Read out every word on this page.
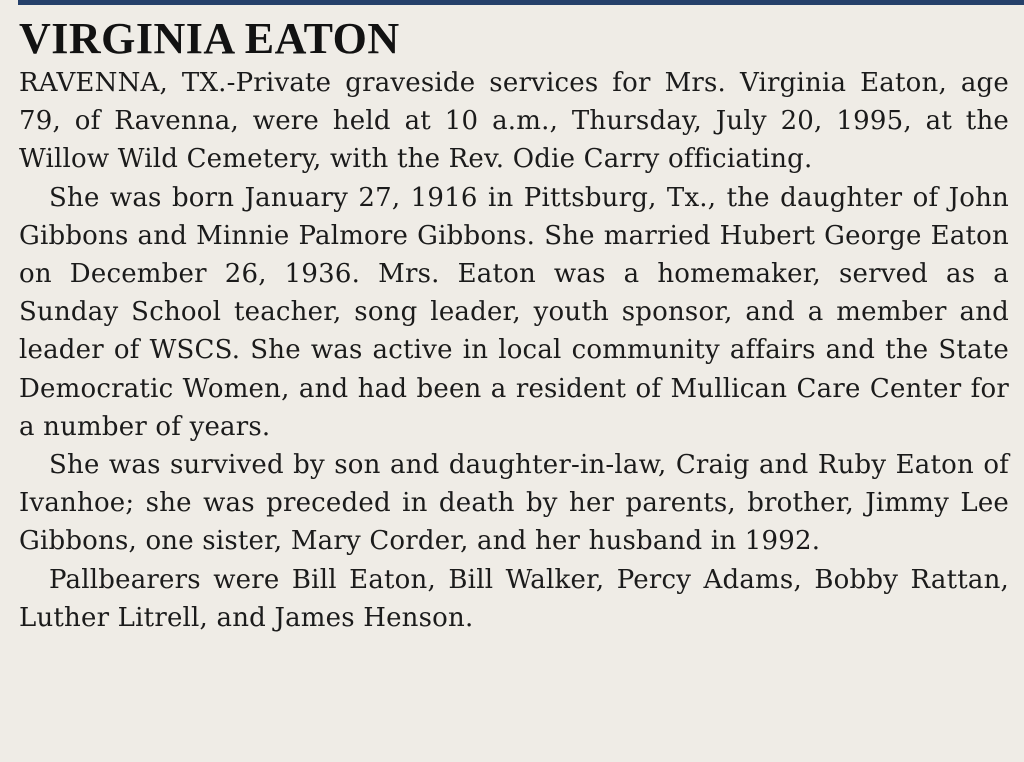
VIRGINIA EATON

RAVENNA, TX.-Private graveside services for Mrs. Virginia Eaton, age 79, of Ravenna, were held at 10 a.m., Thursday, July 20, 1995, at the Willow Wild Cemetery, with the Rev. Odie Carry officiating.

She was born January 27, 1916 in Pittsburg, Tx., the daughter of John Gibbons and Minnie Palmore Gibbons. She married Hubert George Eaton on December 26, 1936. Mrs. Eaton was a homemaker, served as a Sunday School teacher, song leader, youth sponsor, and a member and leader of WSCS. She was active in local community affairs and the State Democratic Women, and had been a resident of Mullican Care Center for a number of years.

She was survived by son and daughter-in-law, Craig and Ruby Eaton of Ivanhoe; she was preceded in death by her parents, brother, Jimmy Lee Gibbons, one sister, Mary Corder, and her husband in 1992.

Pallbearers were Bill Eaton, Bill Walker, Percy Adams, Bobby Rattan, Luther Litrell, and James Henson.
